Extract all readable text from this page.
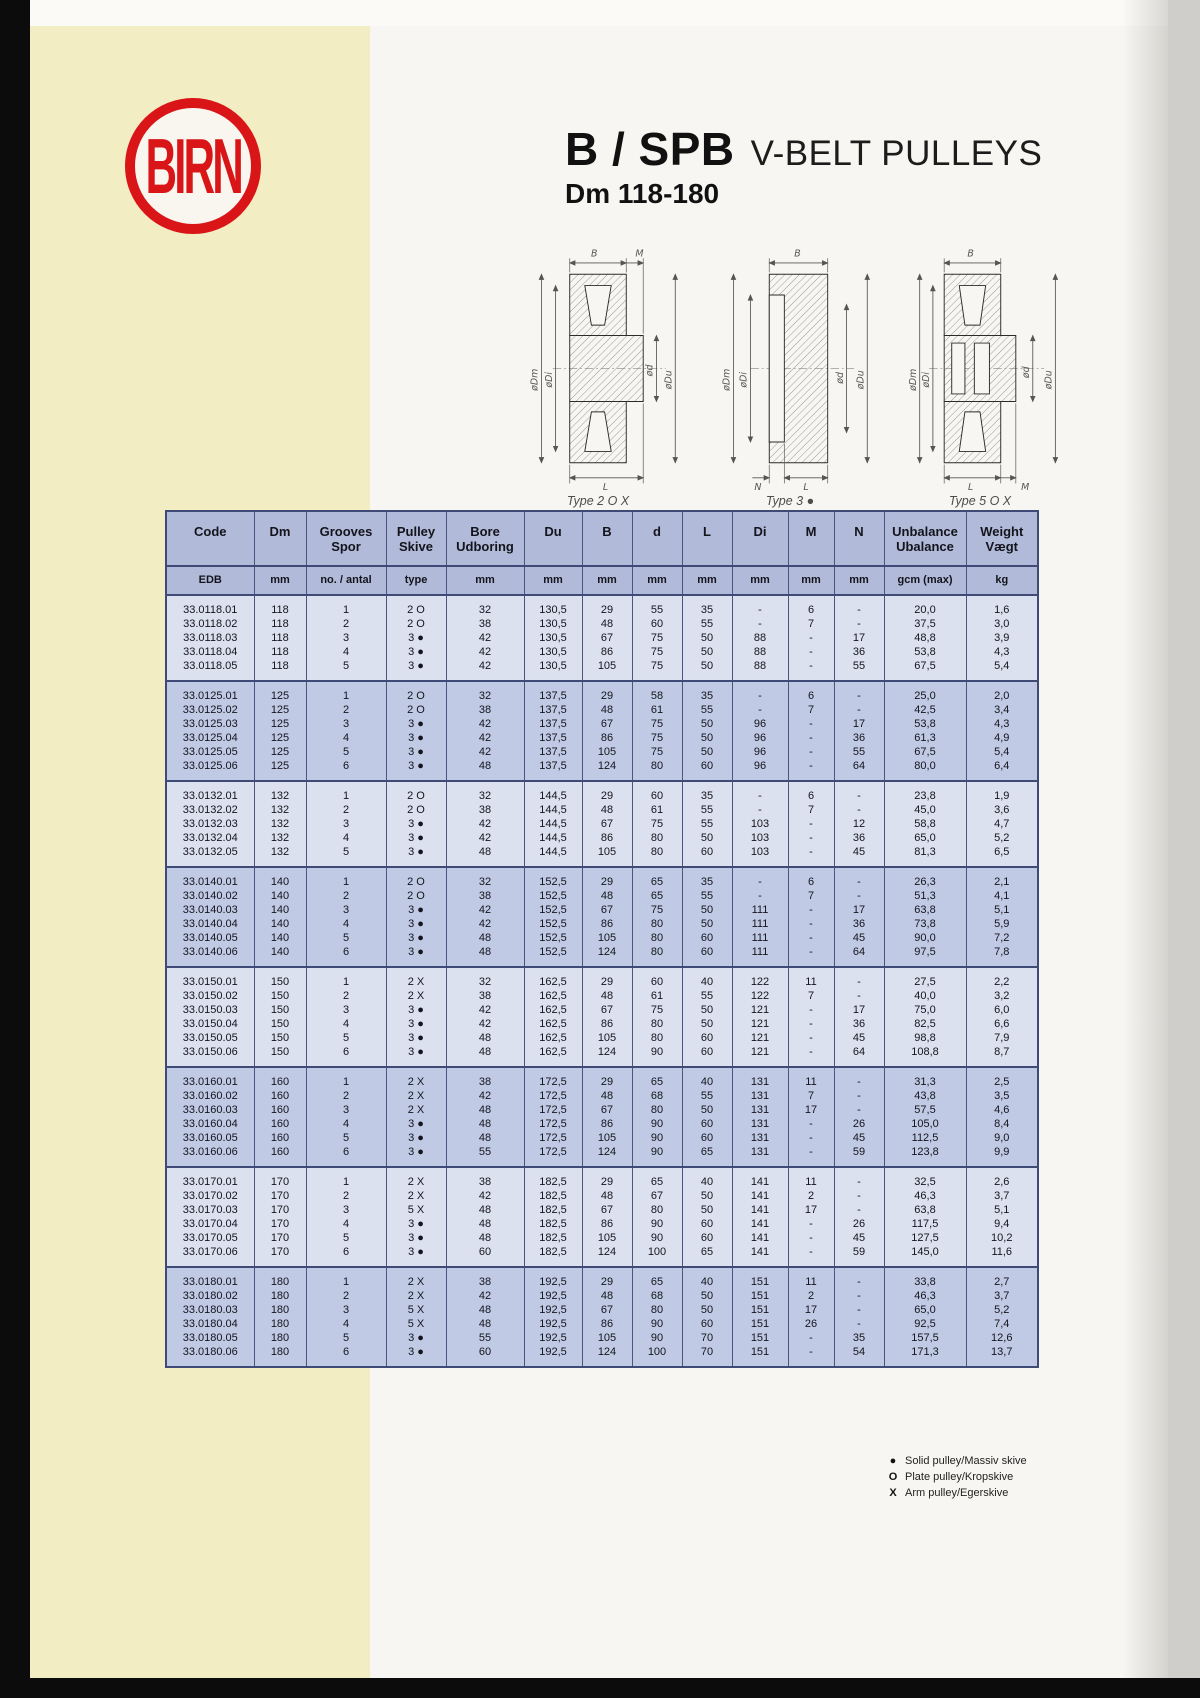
BIRN	B / SPB V-BELT PULLEYS
Dm 118-180
B	M
øDm øDi
ød øDu
L
Type 2 O X
B
øDm øDi	ød øDu
N	L
Type 3 ●
B
øDm øDi	ød øDu
L	M
Type 5 O X
Code	Dm	Grooves
Spor

Pulley
Skive

Bore
Udboring

Du	B	d	L	Di	M	N	Unbalance
Ubalance

Weight
Vægt

EDB	mm	no. / antal	type	mm	mm	mm	mm	mm	mm	mm	mm	gcm (max)	kg
33.0118.01	118	1	2 O	32	130,5	29	55	35	-	6	-	20,0	1,6
33.0118.02	118	2	2 O	38	130,5	48	60	55	-	7	-	37,5	3,0
33.0118.03	118	3	3 ●	42	130,5	67	75	50	88	-	17	48,8	3,9
33.0118.04	118	4	3 ●	42	130,5	86	75	50	88	-	36	53,8	4,3
33.0118.05	118	5	3 ●	42	130,5	105	75	50	88	-	55	67,5	5,4
33.0125.01	125	1	2 O	32	137,5	29	58	35	-	6	-	25,0	2,0
33.0125.02	125	2	2 O	38	137,5	48	61	55	-	7	-	42,5	3,4
33.0125.03	125	3	3 ●	42	137,5	67	75	50	96	-	17	53,8	4,3
33.0125.04	125	4	3 ●	42	137,5	86	75	50	96	-	36	61,3	4,9
33.0125.05	125	5	3 ●	42	137,5	105	75	50	96	-	55	67,5	5,4
33.0125.06	125	6	3 ●	48	137,5	124	80	60	96	-	64	80,0	6,4
33.0132.01	132	1	2 O	32	144,5	29	60	35	-	6	-	23,8	1,9
33.0132.02	132	2	2 O	38	144,5	48	61	55	-	7	-	45,0	3,6
33.0132.03	132	3	3 ●	42	144,5	67	75	55	103	-	12	58,8	4,7
33.0132.04	132	4	3 ●	42	144,5	86	80	50	103	-	36	65,0	5,2
33.0132.05	132	5	3 ●	48	144,5	105	80	60	103	-	45	81,3	6,5
33.0140.01	140	1	2 O	32	152,5	29	65	35	-	6	-	26,3	2,1
33.0140.02	140	2	2 O	38	152,5	48	65	55	-	7	-	51,3	4,1
33.0140.03	140	3	3 ●	42	152,5	67	75	50	111	-	17	63,8	5,1
33.0140.04	140	4	3 ●	42	152,5	86	80	50	111	-	36	73,8	5,9
33.0140.05	140	5	3 ●	48	152,5	105	80	60	111	-	45	90,0	7,2
33.0140.06	140	6	3 ●	48	152,5	124	80	60	111	-	64	97,5	7,8
33.0150.01	150	1	2 X	32	162,5	29	60	40	122	11	-	27,5	2,2
33.0150.02	150	2	2 X	38	162,5	48	61	55	122	7	-	40,0	3,2
33.0150.03	150	3	3 ●	42	162,5	67	75	50	121	-	17	75,0	6,0
33.0150.04	150	4	3 ●	42	162,5	86	80	50	121	-	36	82,5	6,6
33.0150.05	150	5	3 ●	48	162,5	105	80	60	121	-	45	98,8	7,9
33.0150.06	150	6	3 ●	48	162,5	124	90	60	121	-	64	108,8	8,7
33.0160.01	160	1	2 X	38	172,5	29	65	40	131	11	-	31,3	2,5
33.0160.02	160	2	2 X	42	172,5	48	68	55	131	7	-	43,8	3,5
33.0160.03	160	3	2 X	48	172,5	67	80	50	131	17	-	57,5	4,6
33.0160.04	160	4	3 ●	48	172,5	86	90	60	131	-	26	105,0	8,4
33.0160.05	160	5	3 ●	48	172,5	105	90	60	131	-	45	112,5	9,0
33.0160.06	160	6	3 ●	55	172,5	124	90	65	131	-	59	123,8	9,9
33.0170.01	170	1	2 X	38	182,5	29	65	40	141	11	-	32,5	2,6
33.0170.02	170	2	2 X	42	182,5	48	67	50	141	2	-	46,3	3,7
33.0170.03	170	3	5 X	48	182,5	67	80	50	141	17	-	63,8	5,1
33.0170.04	170	4	3 ●	48	182,5	86	90	60	141	-	26	117,5	9,4
33.0170.05	170	5	3 ●	48	182,5	105	90	60	141	-	45	127,5	10,2
33.0170.06	170	6	3 ●	60	182,5	124	100	65	141	-	59	145,0	11,6
33.0180.01	180	1	2 X	38	192,5	29	65	40	151	11	-	33,8	2,7
33.0180.02	180	2	2 X	42	192,5	48	68	50	151	2	-	46,3	3,7
33.0180.03	180	3	5 X	48	192,5	67	80	50	151	17	-	65,0	5,2
33.0180.04	180	4	5 X	48	192,5	86	90	60	151	26	-	92,5	7,4
33.0180.05	180	5	3 ●	55	192,5	105	90	70	151	-	35	157,5	12,6
33.0180.06	180	6	3 ●	60	192,5	124	100	70	151	-	54	171,3	13,7
● Solid pulley/Massiv skive
O Plate pulley/Kropskive
X Arm pulley/Egerskive
